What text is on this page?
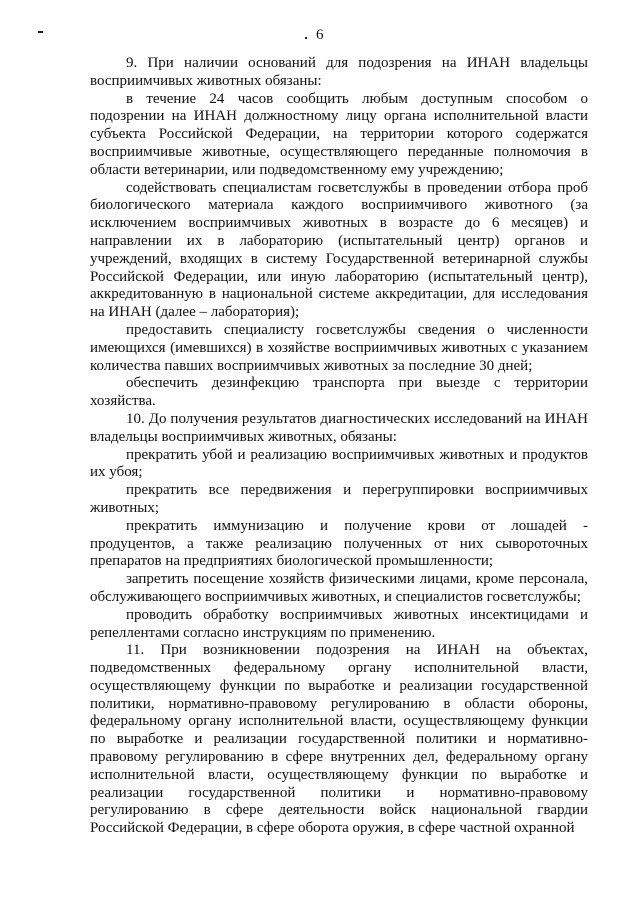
6

9. При наличии оснований для подозрения на ИНАН владельцы восприимчивых животных обязаны:

в течение 24 часов сообщить любым доступным способом о подозрении на ИНАН должностному лицу органа исполнительной власти субъекта Российской Федерации, на территории которого содержатся восприимчивые животные, осуществляющего переданные полномочия в области ветеринарии, или подведомственному ему учреждению;

содействовать специалистам госветслужбы в проведении отбора проб биологического материала каждого восприимчивого животного (за исключением восприимчивых животных в возрасте до 6 месяцев) и направлении их в лабораторию (испытательный центр) органов и учреждений, входящих в систему Государственной ветеринарной службы Российской Федерации, или иную лабораторию (испытательный центр), аккредитованную в национальной системе аккредитации, для исследования на ИНАН (далее – лаборатория);

предоставить специалисту госветслужбы сведения о численности имеющихся (имевшихся) в хозяйстве восприимчивых животных с указанием количества павших восприимчивых животных за последние 30 дней;

обеспечить дезинфекцию транспорта при выезде с территории хозяйства.

10. До получения результатов диагностических исследований на ИНАН владельцы восприимчивых животных, обязаны:

прекратить убой и реализацию восприимчивых животных и продуктов их убоя;

прекратить все передвижения и перегруппировки восприимчивых животных;

прекратить иммунизацию и получение крови от лошадей - продуцентов, а также реализацию полученных от них сывороточных препаратов на предприятиях биологической промышленности;

запретить посещение хозяйств физическими лицами, кроме персонала, обслуживающего восприимчивых животных, и специалистов госветслужбы;

проводить обработку восприимчивых животных инсектицидами и репеллентами согласно инструкциям по применению.

11. При возникновении подозрения на ИНАН на объектах, подведомственных федеральному органу исполнительной власти, осуществляющему функции по выработке и реализации государственной политики, нормативно-правовому регулированию в области обороны, федеральному органу исполнительной власти, осуществляющему функции по выработке и реализации государственной политики и нормативно-правовому регулированию в сфере внутренних дел, федеральному органу исполнительной власти, осуществляющему функции по выработке и реализации государственной политики и нормативно-правовому регулированию в сфере деятельности войск национальной гвардии Российской Федерации, в сфере оборота оружия, в сфере частной охранной
